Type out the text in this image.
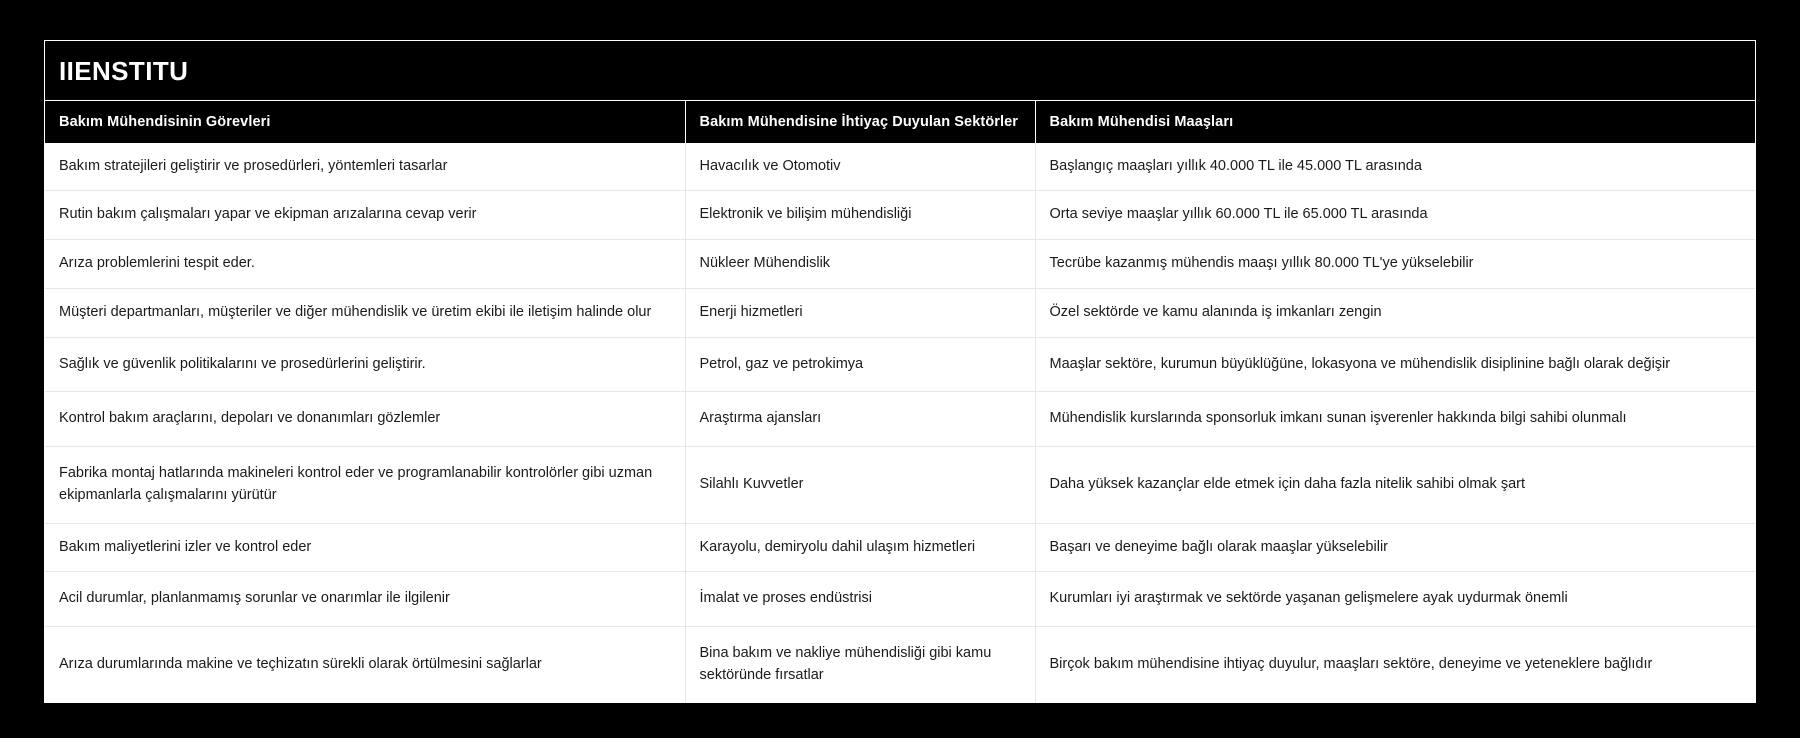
IIENSTITU
Bakım Mühendisinin Görevleri	Bakım Mühendisine İhtiyaç Duyulan Sektörler	Bakım Mühendisi Maaşları
Bakım stratejileri geliştirir ve prosedürleri, yöntemleri tasarlar	Havacılık ve Otomotiv	Başlangıç maaşları yıllık 40.000 TL ile 45.000 TL arasında
Rutin bakım çalışmaları yapar ve ekipman arızalarına cevap verir	Elektronik ve bilişim mühendisliği	Orta seviye maaşlar yıllık 60.000 TL ile 65.000 TL arasında
Arıza problemlerini tespit eder.	Nükleer Mühendislik	Tecrübe kazanmış mühendis maaşı yıllık 80.000 TL'ye yükselebilir
Müşteri departmanları, müşteriler ve diğer mühendislik ve üretim ekibi ile iletişim halinde olur	Enerji hizmetleri	Özel sektörde ve kamu alanında iş imkanları zengin
Sağlık ve güvenlik politikalarını ve prosedürlerini geliştirir.	Petrol, gaz ve petrokimya	Maaşlar sektöre, kurumun büyüklüğüne, lokasyona ve mühendislik disiplinine bağlı olarak değişir
Kontrol bakım araçlarını, depoları ve donanımları gözlemler	Araştırma ajansları	Mühendislik kurslarında sponsorluk imkanı sunan işverenler hakkında bilgi sahibi olunmalı
Fabrika montaj hatlarında makineleri kontrol eder ve programlanabilir kontrolörler gibi uzman ekipmanlarla çalışmalarını yürütür	Silahlı Kuvvetler	Daha yüksek kazançlar elde etmek için daha fazla nitelik sahibi olmak şart
Bakım maliyetlerini izler ve kontrol eder	Karayolu, demiryolu dahil ulaşım hizmetleri	Başarı ve deneyime bağlı olarak maaşlar yükselebilir
Acil durumlar, planlanmamış sorunlar ve onarımlar ile ilgilenir	İmalat ve proses endüstrisi	Kurumları iyi araştırmak ve sektörde yaşanan gelişmelere ayak uydurmak önemli
Arıza durumlarında makine ve teçhizatın sürekli olarak örtülmesini sağlarlar	Bina bakım ve nakliye mühendisliği gibi kamu sektöründe fırsatlar	Birçok bakım mühendisine ihtiyaç duyulur, maaşları sektöre, deneyime ve yeteneklere bağlıdır
